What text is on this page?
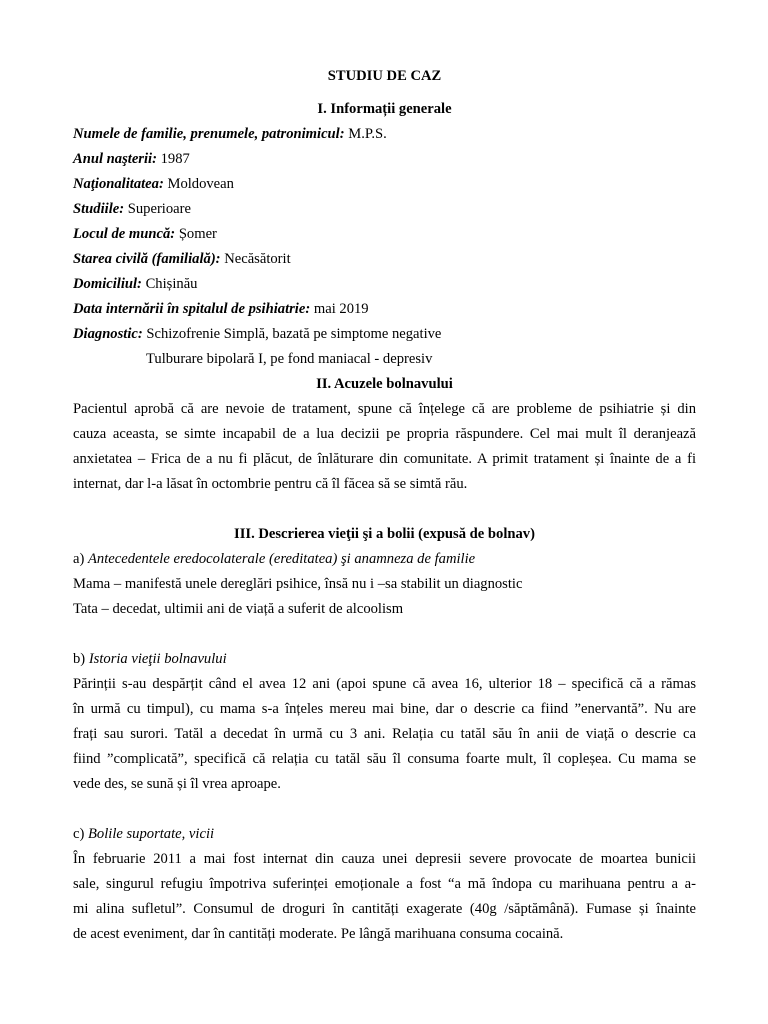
STUDIU DE CAZ
I. Informații generale
Numele de familie, prenumele, patronimicul: M.P.S.
Anul naşterii: 1987
Naţionalitatea: Moldovean
Studiile: Superioare
Locul de muncă: Șomer
Starea civilă (familială): Necăsătorit
Domiciliul: Chișinău
Data internării în spitalul de psihiatrie: mai 2019
Diagnostic: Schizofrenie Simplă, bazată pe simptome negative
Tulburare bipolară I, pe fond maniacal - depresiv
II. Acuzele bolnavului
Pacientul aprobă că are nevoie de tratament, spune că înțelege că are probleme de psihiatrie și din
cauza aceasta, se simte incapabil de a lua decizii pe propria răspundere. Cel mai mult îl deranjează
anxietatea – Frica de a nu fi plăcut, de înlăturare din comunitate. A primit tratament și înainte de a fi
internat, dar l-a lăsat în octombrie pentru că îl făcea să se simtă rău.
III. Descrierea vieţii şi a bolii (expusă de bolnav)
a) Antecedentele eredocolaterale (ereditatea) şi anamneza de familie
Mama – manifestă unele dereglări psihice, însă nu i –sa stabilit un diagnostic
Tata – decedat, ultimii ani de viață a suferit de alcoolism
b) Istoria vieţii bolnavului
Părinții s-au despărțit când el avea 12 ani (apoi spune că avea 16, ulterior 18 – specifică că a rămas
în urmă cu timpul), cu mama s-a înțeles mereu mai bine, dar o descrie ca fiind ”enervantă”. Nu are
frați sau surori. Tatăl a decedat în urmă cu 3 ani. Relația cu tatăl său în anii de viață o descrie ca
fiind ”complicată”, specifică că relația cu tatăl său îl consuma foarte mult, îl copleșea. Cu mama se
vede des, se sună și îl vrea aproape.
c) Bolile suportate, vicii
În februarie 2011 a mai fost internat din cauza unei depresii severe provocate de moartea bunicii
sale, singurul refugiu împotriva suferinței emoționale a fost “a mă îndopa cu marihuana pentru a a-
mi alina sufletul”. Consumul de droguri în cantități exagerate (40g /săptămână). Fumase și înainte
de acest eveniment, dar în cantități moderate. Pe lângă marihuana consuma cocaină.
